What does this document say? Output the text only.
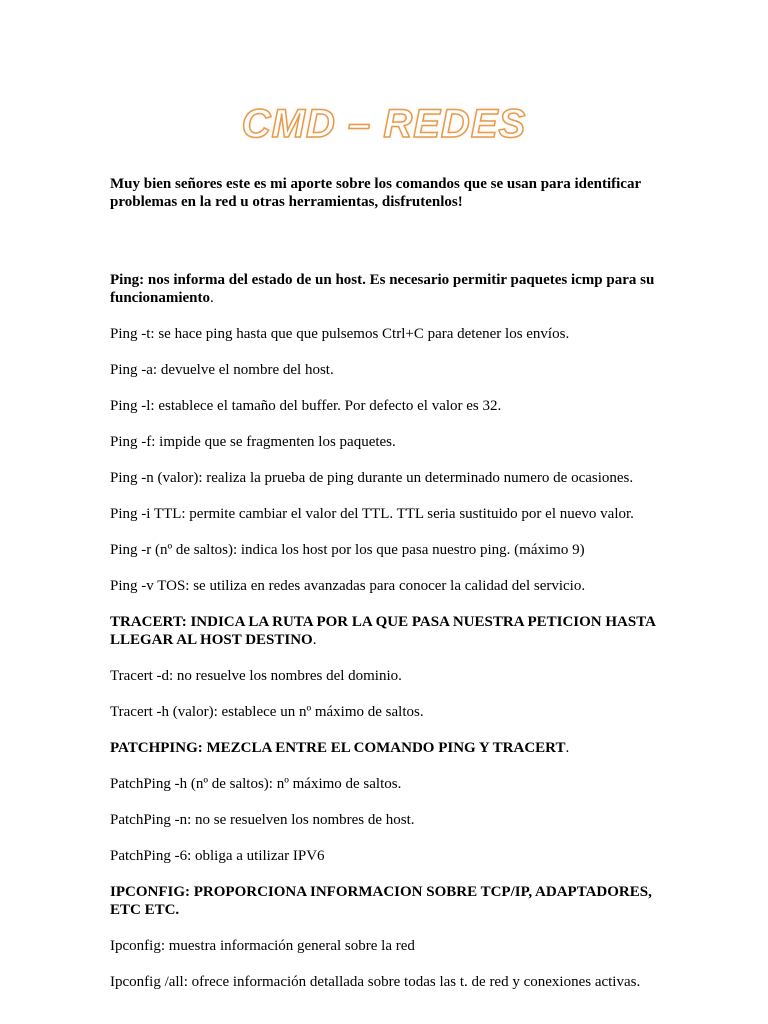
CMD – REDES

Muy bien señores este es mi aporte sobre los comandos que se usan para identificar problemas en la red u otras herramientas, disfrutenlos!

Ping: nos informa del estado de un host. Es necesario permitir paquetes icmp para su funcionamiento.

Ping -t: se hace ping hasta que que pulsemos Ctrl+C para detener los envíos.

Ping -a: devuelve el nombre del host.

Ping -l: establece el tamaño del buffer. Por defecto el valor es 32.

Ping -f: impide que se fragmenten los paquetes.

Ping -n (valor): realiza la prueba de ping durante un determinado numero de ocasiones.

Ping -i TTL: permite cambiar el valor del TTL. TTL seria sustituido por el nuevo valor.

Ping -r (nº de saltos): indica los host por los que pasa nuestro ping. (máximo 9)

Ping -v TOS: se utiliza en redes avanzadas para conocer la calidad del servicio.

TRACERT: INDICA LA RUTA POR LA QUE PASA NUESTRA PETICION HASTA LLEGAR AL HOST DESTINO.

Tracert -d: no resuelve los nombres del dominio.

Tracert -h (valor): establece un nº máximo de saltos.

PATCHPING: MEZCLA ENTRE EL COMANDO PING Y TRACERT.

PatchPing -h (nº de saltos): nº máximo de saltos.

PatchPing -n: no se resuelven los nombres de host.

PatchPing -6: obliga a utilizar IPV6

IPCONFIG: PROPORCIONA INFORMACION SOBRE TCP/IP, ADAPTADORES, ETC ETC.

Ipconfig: muestra información general sobre la red

Ipconfig /all: ofrece información detallada sobre todas las t. de red y conexiones activas.
